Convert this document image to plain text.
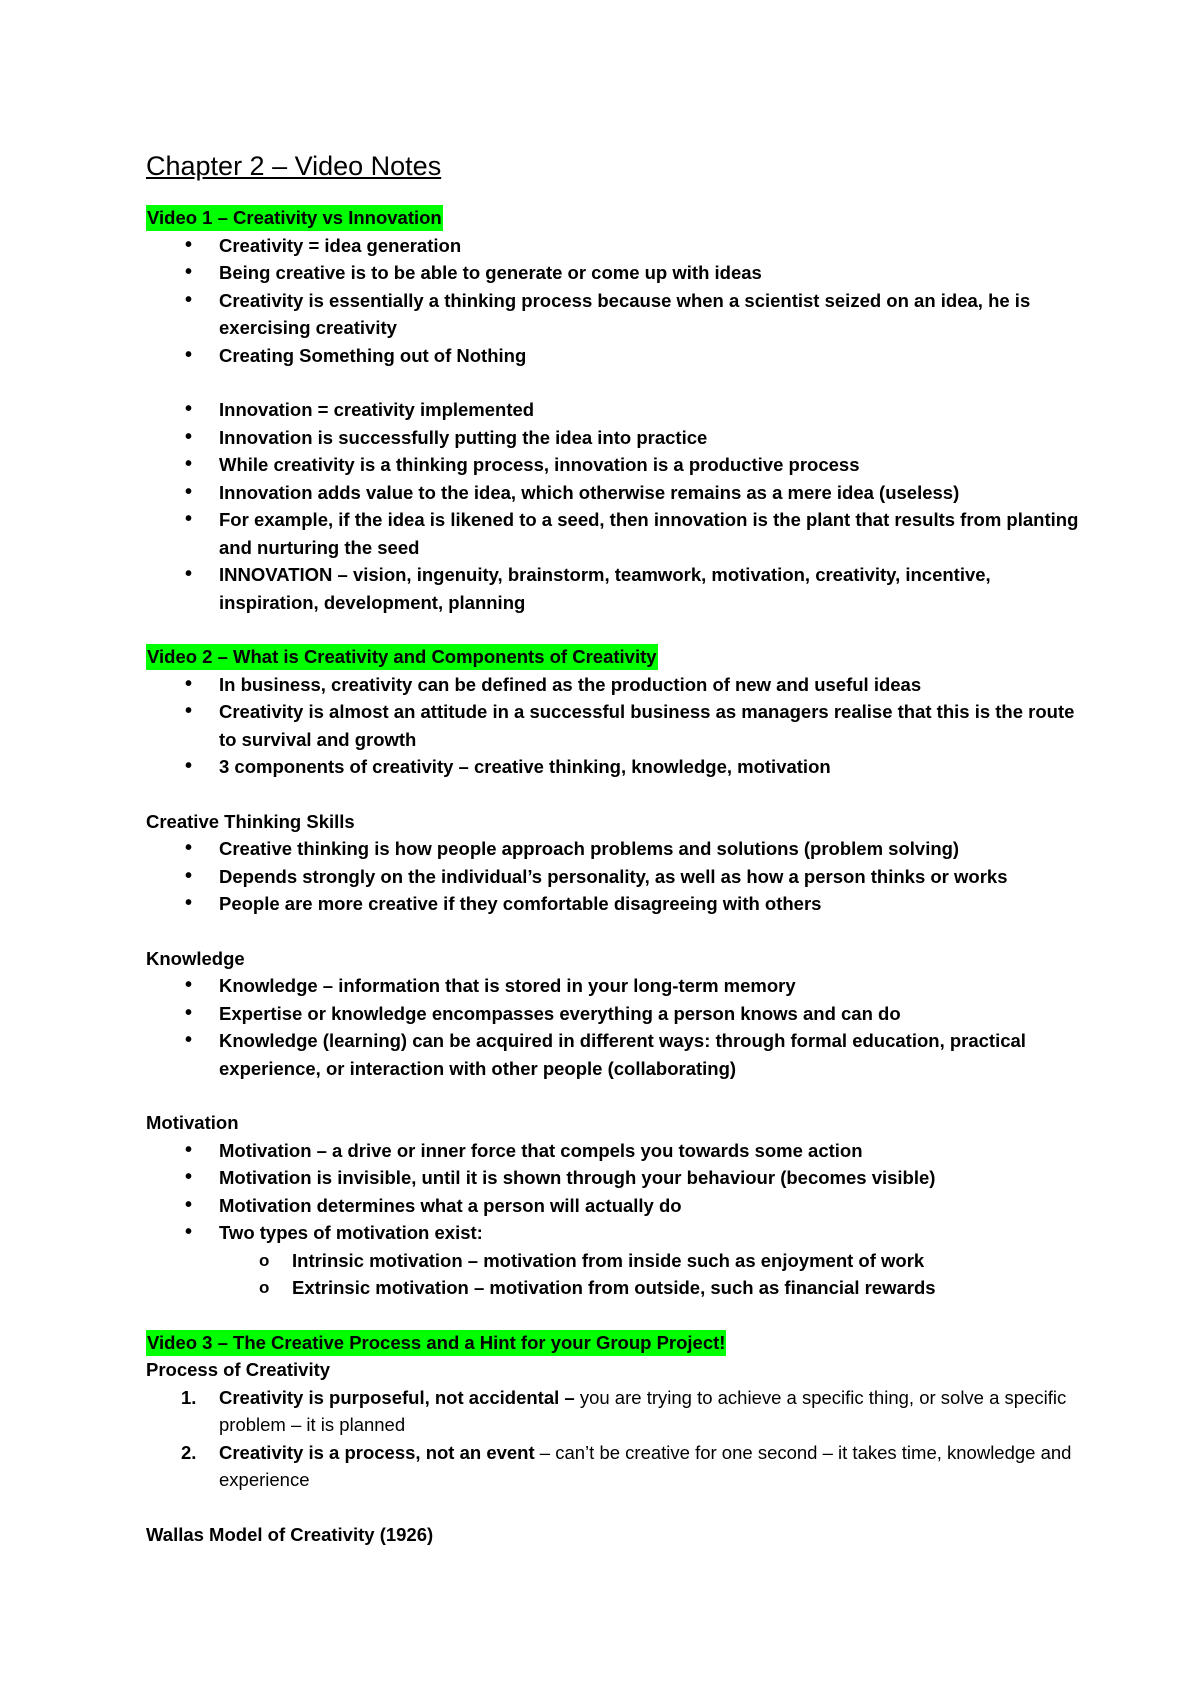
Chapter 2 – Video Notes
Video 1 – Creativity vs Innovation
• Creativity = idea generation
• Being creative is to be able to generate or come up with ideas
• Creativity is essentially a thinking process because when a scientist seized on an idea, he is exercising creativity
• Creating Something out of Nothing
• Innovation = creativity implemented
• Innovation is successfully putting the idea into practice
• While creativity is a thinking process, innovation is a productive process
• Innovation adds value to the idea, which otherwise remains as a mere idea (useless)
• For example, if the idea is likened to a seed, then innovation is the plant that results from planting and nurturing the seed
• INNOVATION – vision, ingenuity, brainstorm, teamwork, motivation, creativity, incentive, inspiration, development, planning
Video 2 – What is Creativity and Components of Creativity
• In business, creativity can be defined as the production of new and useful ideas
• Creativity is almost an attitude in a successful business as managers realise that this is the route to survival and growth
• 3 components of creativity – creative thinking, knowledge, motivation
Creative Thinking Skills
• Creative thinking is how people approach problems and solutions (problem solving)
• Depends strongly on the individual’s personality, as well as how a person thinks or works
• People are more creative if they comfortable disagreeing with others
Knowledge
• Knowledge – information that is stored in your long-term memory
• Expertise or knowledge encompasses everything a person knows and can do
• Knowledge (learning) can be acquired in different ways: through formal education, practical experience, or interaction with other people (collaborating)
Motivation
• Motivation – a drive or inner force that compels you towards some action
• Motivation is invisible, until it is shown through your behaviour (becomes visible)
• Motivation determines what a person will actually do
• Two types of motivation exist:
o Intrinsic motivation – motivation from inside such as enjoyment of work
o Extrinsic motivation – motivation from outside, such as financial rewards
Video 3 – The Creative Process and a Hint for your Group Project!
Process of Creativity
1. Creativity is purposeful, not accidental – you are trying to achieve a specific thing, or solve a specific problem – it is planned
2. Creativity is a process, not an event – can’t be creative for one second – it takes time, knowledge and experience
Wallas Model of Creativity (1926)
